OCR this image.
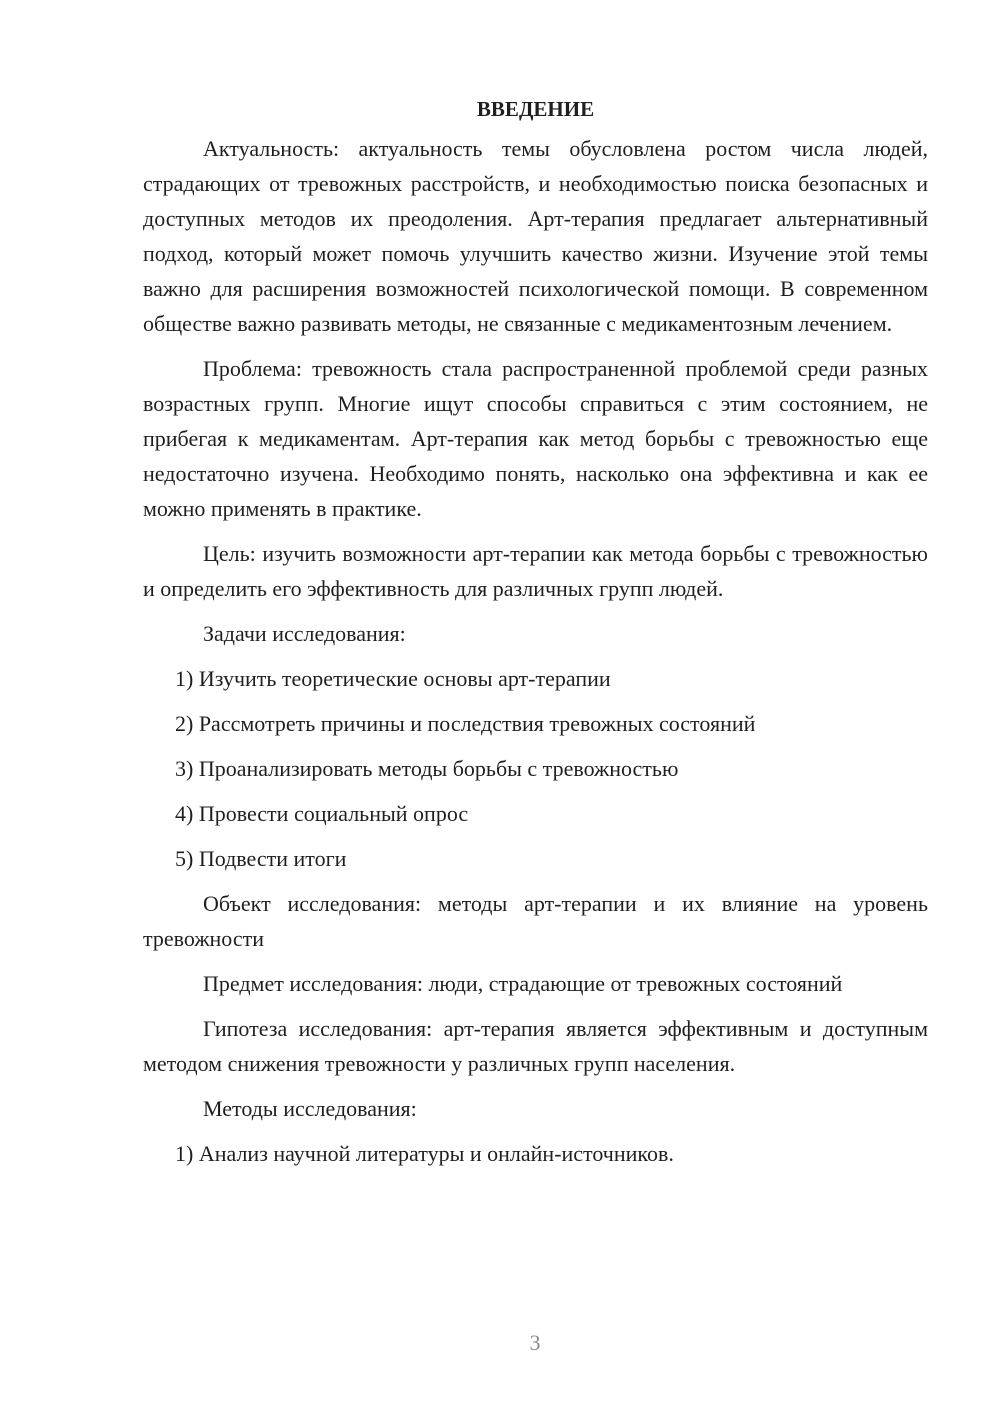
ВВЕДЕНИЕ

Актуальность: актуальность темы обусловлена ростом числа людей, страдающих от тревожных расстройств, и необходимостью поиска безопасных и доступных методов их преодоления. Арт-терапия предлагает альтернативный подход, который может помочь улучшить качество жизни. Изучение этой темы важно для расширения возможностей психологической помощи. В современном обществе важно развивать методы, не связанные с медикаментозным лечением.

Проблема: тревожность стала распространенной проблемой среди разных возрастных групп. Многие ищут способы справиться с этим состоянием, не прибегая к медикаментам. Арт-терапия как метод борьбы с тревожностью еще недостаточно изучена. Необходимо понять, насколько она эффективна и как ее можно применять в практике.

Цель: изучить возможности арт-терапии как метода борьбы с тревожностью и определить его эффективность для различных групп людей.

Задачи исследования:

1) Изучить теоретические основы арт-терапии

2) Рассмотреть причины и последствия тревожных состояний

3) Проанализировать методы борьбы с тревожностью

4) Провести социальный опрос

5) Подвести итоги

Объект исследования: методы арт-терапии и их влияние на уровень тревожности

Предмет исследования: люди, страдающие от тревожных состояний

Гипотеза исследования: арт-терапия является эффективным и доступным методом снижения тревожности у различных групп населения.

Методы исследования:

1) Анализ научной литературы и онлайн-источников.

3
